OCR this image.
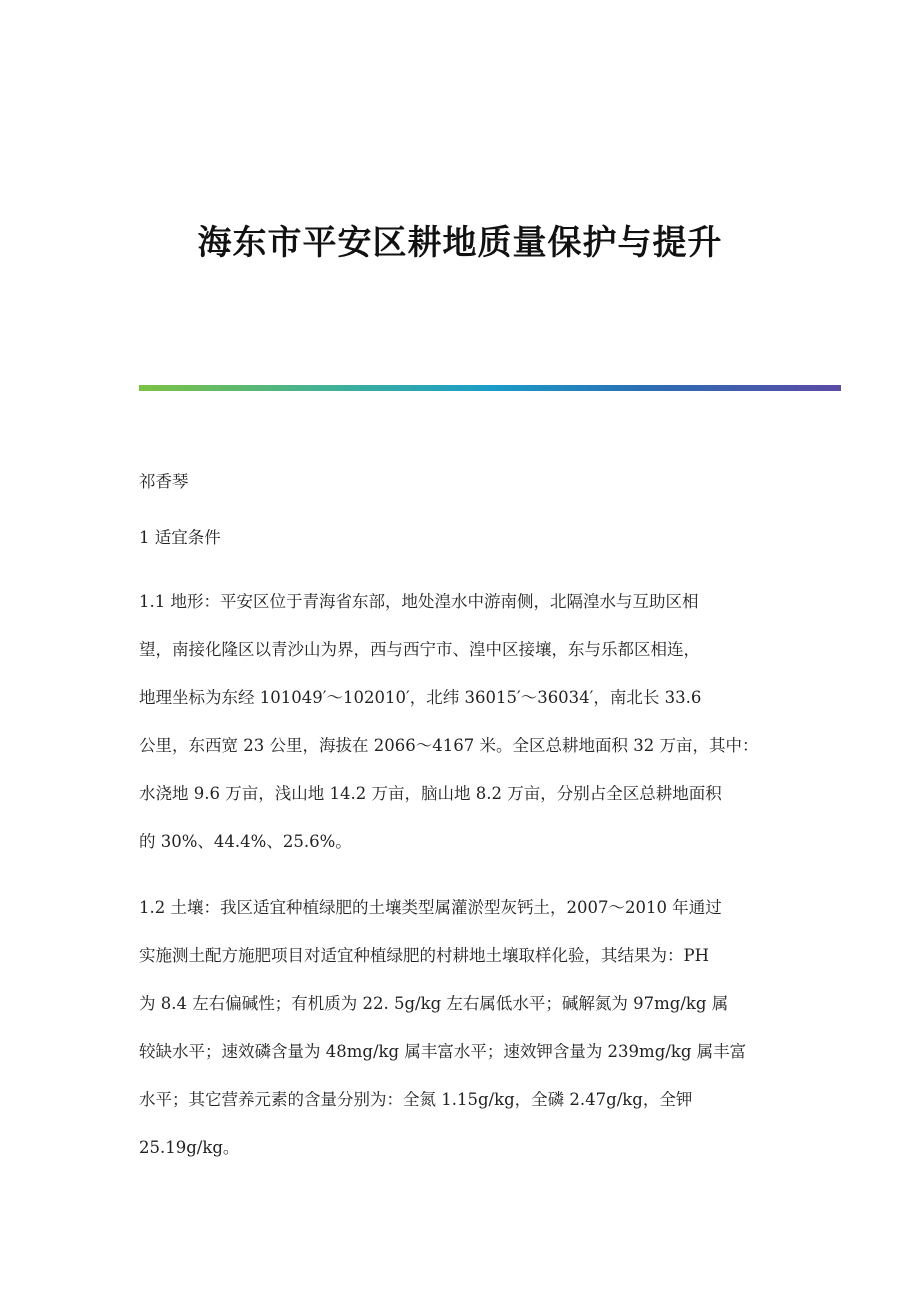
海东市平安区耕地质量保护与提升

祁香琴

1 适宜条件

1.1 地形：平安区位于青海省东部，地处湟水中游南侧，北隔湟水与互助区相
望，南接化隆区以青沙山为界，西与西宁市、湟中区接壤，东与乐都区相连，
地理坐标为东经 101049′～102010′，北纬 36015′～36034′，南北长 33.6
公里，东西宽 23 公里，海拔在 2066～4167 米。全区总耕地面积 32 万亩，其中：
水浇地 9.6 万亩，浅山地 14.2 万亩，脑山地 8.2 万亩，分别占全区总耕地面积
的 30%、44.4%、25.6%。

1.2 土壤：我区适宜种植绿肥的土壤类型属灌淤型灰钙土，2007～2010 年通过
实施测土配方施肥项目对适宜种植绿肥的村耕地土壤取样化验，其结果为：PH
为 8.4 左右偏碱性；有机质为 22. 5g/kg 左右属低水平；碱解氮为 97mg/kg 属
较缺水平；速效磷含量为 48mg/kg 属丰富水平；速效钾含量为 239mg/kg 属丰富
水平；其它营养元素的含量分别为：全氮 1.15g/kg，全磷 2.47g/kg，全钾
25.19g/kg。
